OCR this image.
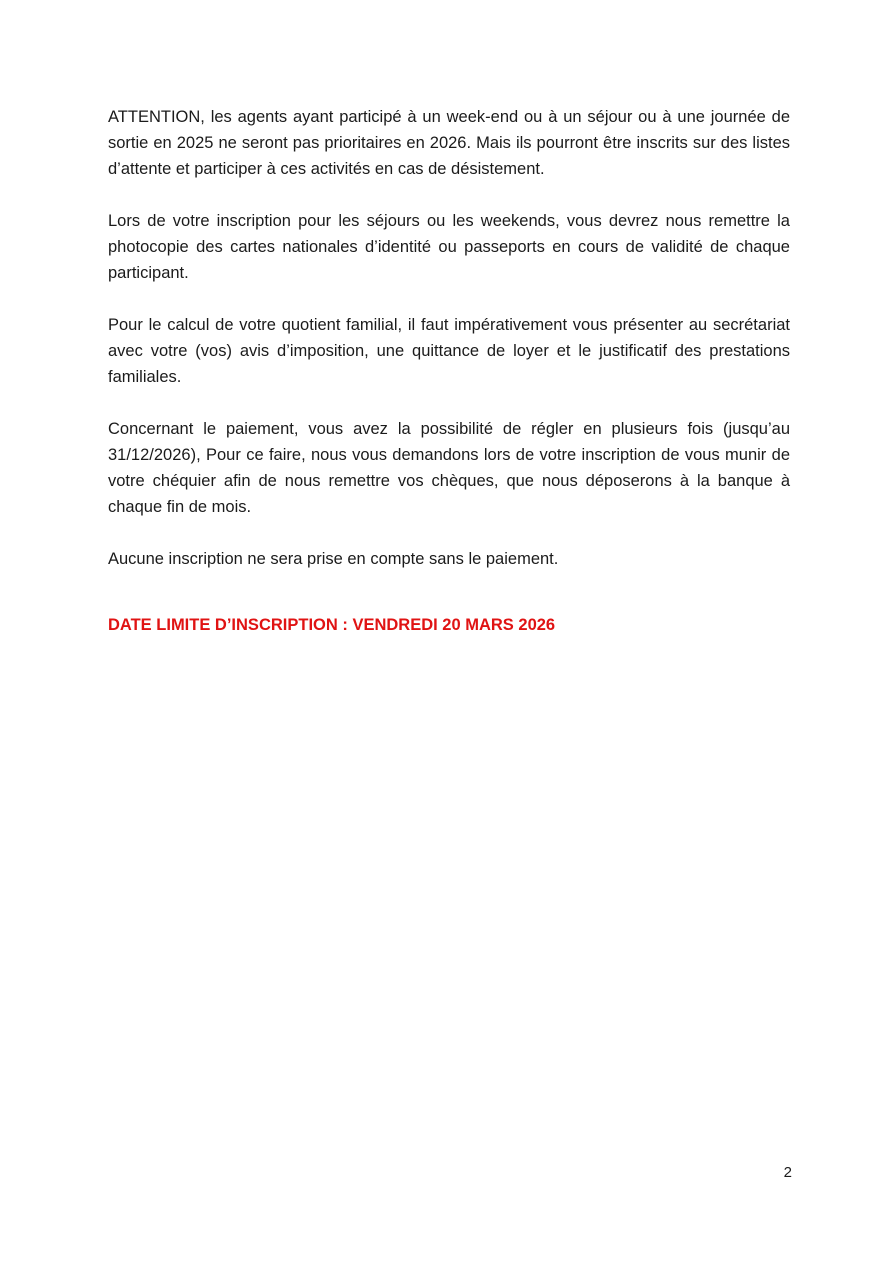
ATTENTION, les agents ayant participé à un week-end ou à un séjour ou à une journée de sortie en 2025 ne seront pas prioritaires en 2026. Mais ils pourront être inscrits sur des listes d’attente et participer à ces activités en cas de désistement.

Lors de votre inscription pour les séjours ou les weekends, vous devrez nous remettre la photocopie des cartes nationales d’identité ou passeports en cours de validité de chaque participant.

Pour le calcul de votre quotient familial, il faut impérativement vous présenter au secrétariat avec votre (vos) avis d’imposition, une quittance de loyer et le justificatif des prestations familiales.

Concernant le paiement, vous avez la possibilité de régler en plusieurs fois (jusqu’au 31/12/2026), Pour ce faire, nous vous demandons lors de votre inscription de vous munir de votre chéquier afin de nous remettre vos chèques, que nous déposerons à la banque à chaque fin de mois.

Aucune inscription ne sera prise en compte sans le paiement.

DATE LIMITE D’INSCRIPTION : VENDREDI 20 MARS 2026

2
